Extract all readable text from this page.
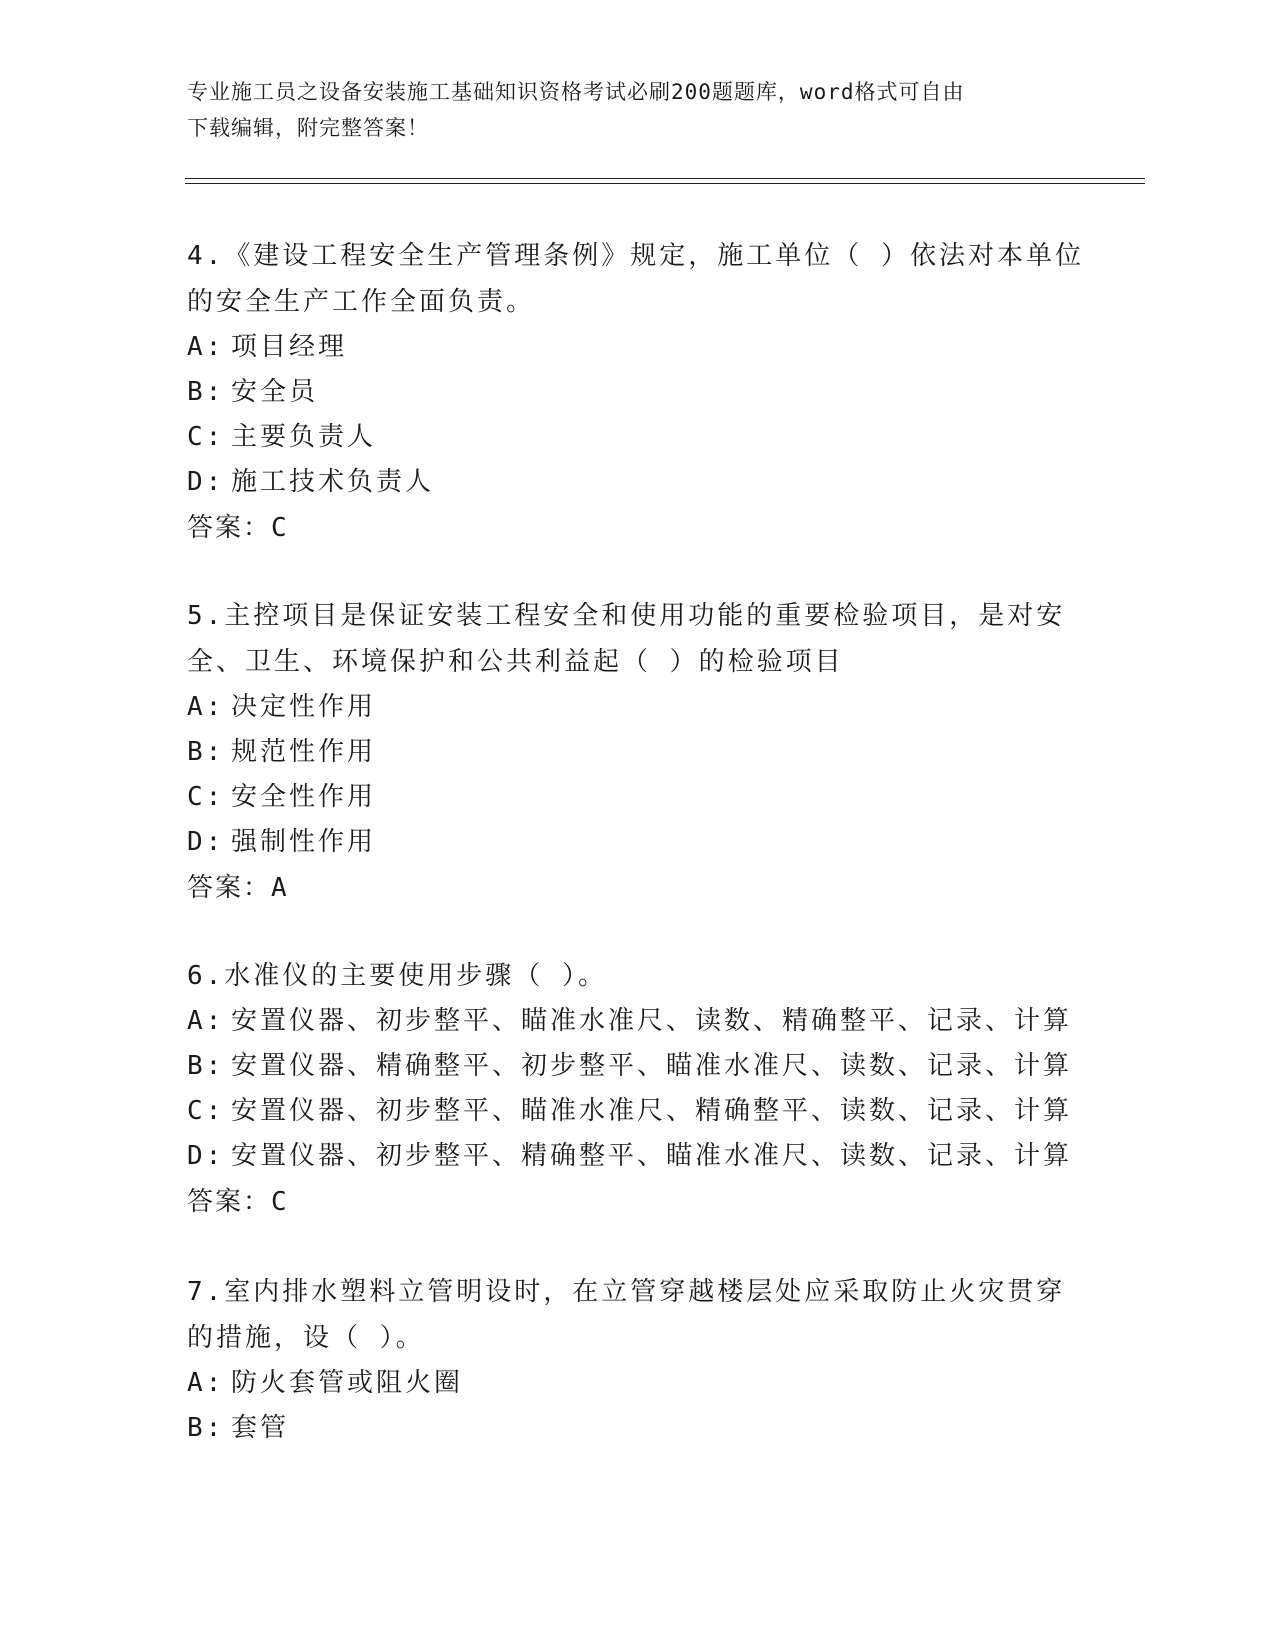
专业施工员之设备安装施工基础知识资格考试必刷200题题库，word格式可自由
下载编辑，附完整答案！
4.《建设工程安全生产管理条例》规定，施工单位（ ）依法对本单位的安全生产工作全面负责。
A: 项目经理
B: 安全员
C: 主要负责人
D: 施工技术负责人
答案：C
5.主控项目是保证安装工程安全和使用功能的重要检验项目，是对安全、卫生、环境保护和公共利益起（ ）的检验项目
A: 决定性作用
B: 规范性作用
C: 安全性作用
D: 强制性作用
答案：A
6.水准仪的主要使用步骤（ ）。
A: 安置仪器、初步整平、瞄准水准尺、读数、精确整平、记录、计算
B: 安置仪器、精确整平、初步整平、瞄准水准尺、读数、记录、计算
C: 安置仪器、初步整平、瞄准水准尺、精确整平、读数、记录、计算
D: 安置仪器、初步整平、精确整平、瞄准水准尺、读数、记录、计算
答案：C
7.室内排水塑料立管明设时，在立管穿越楼层处应采取防止火灾贯穿的措施，设（ ）。
A: 防火套管或阻火圈
B: 套管
